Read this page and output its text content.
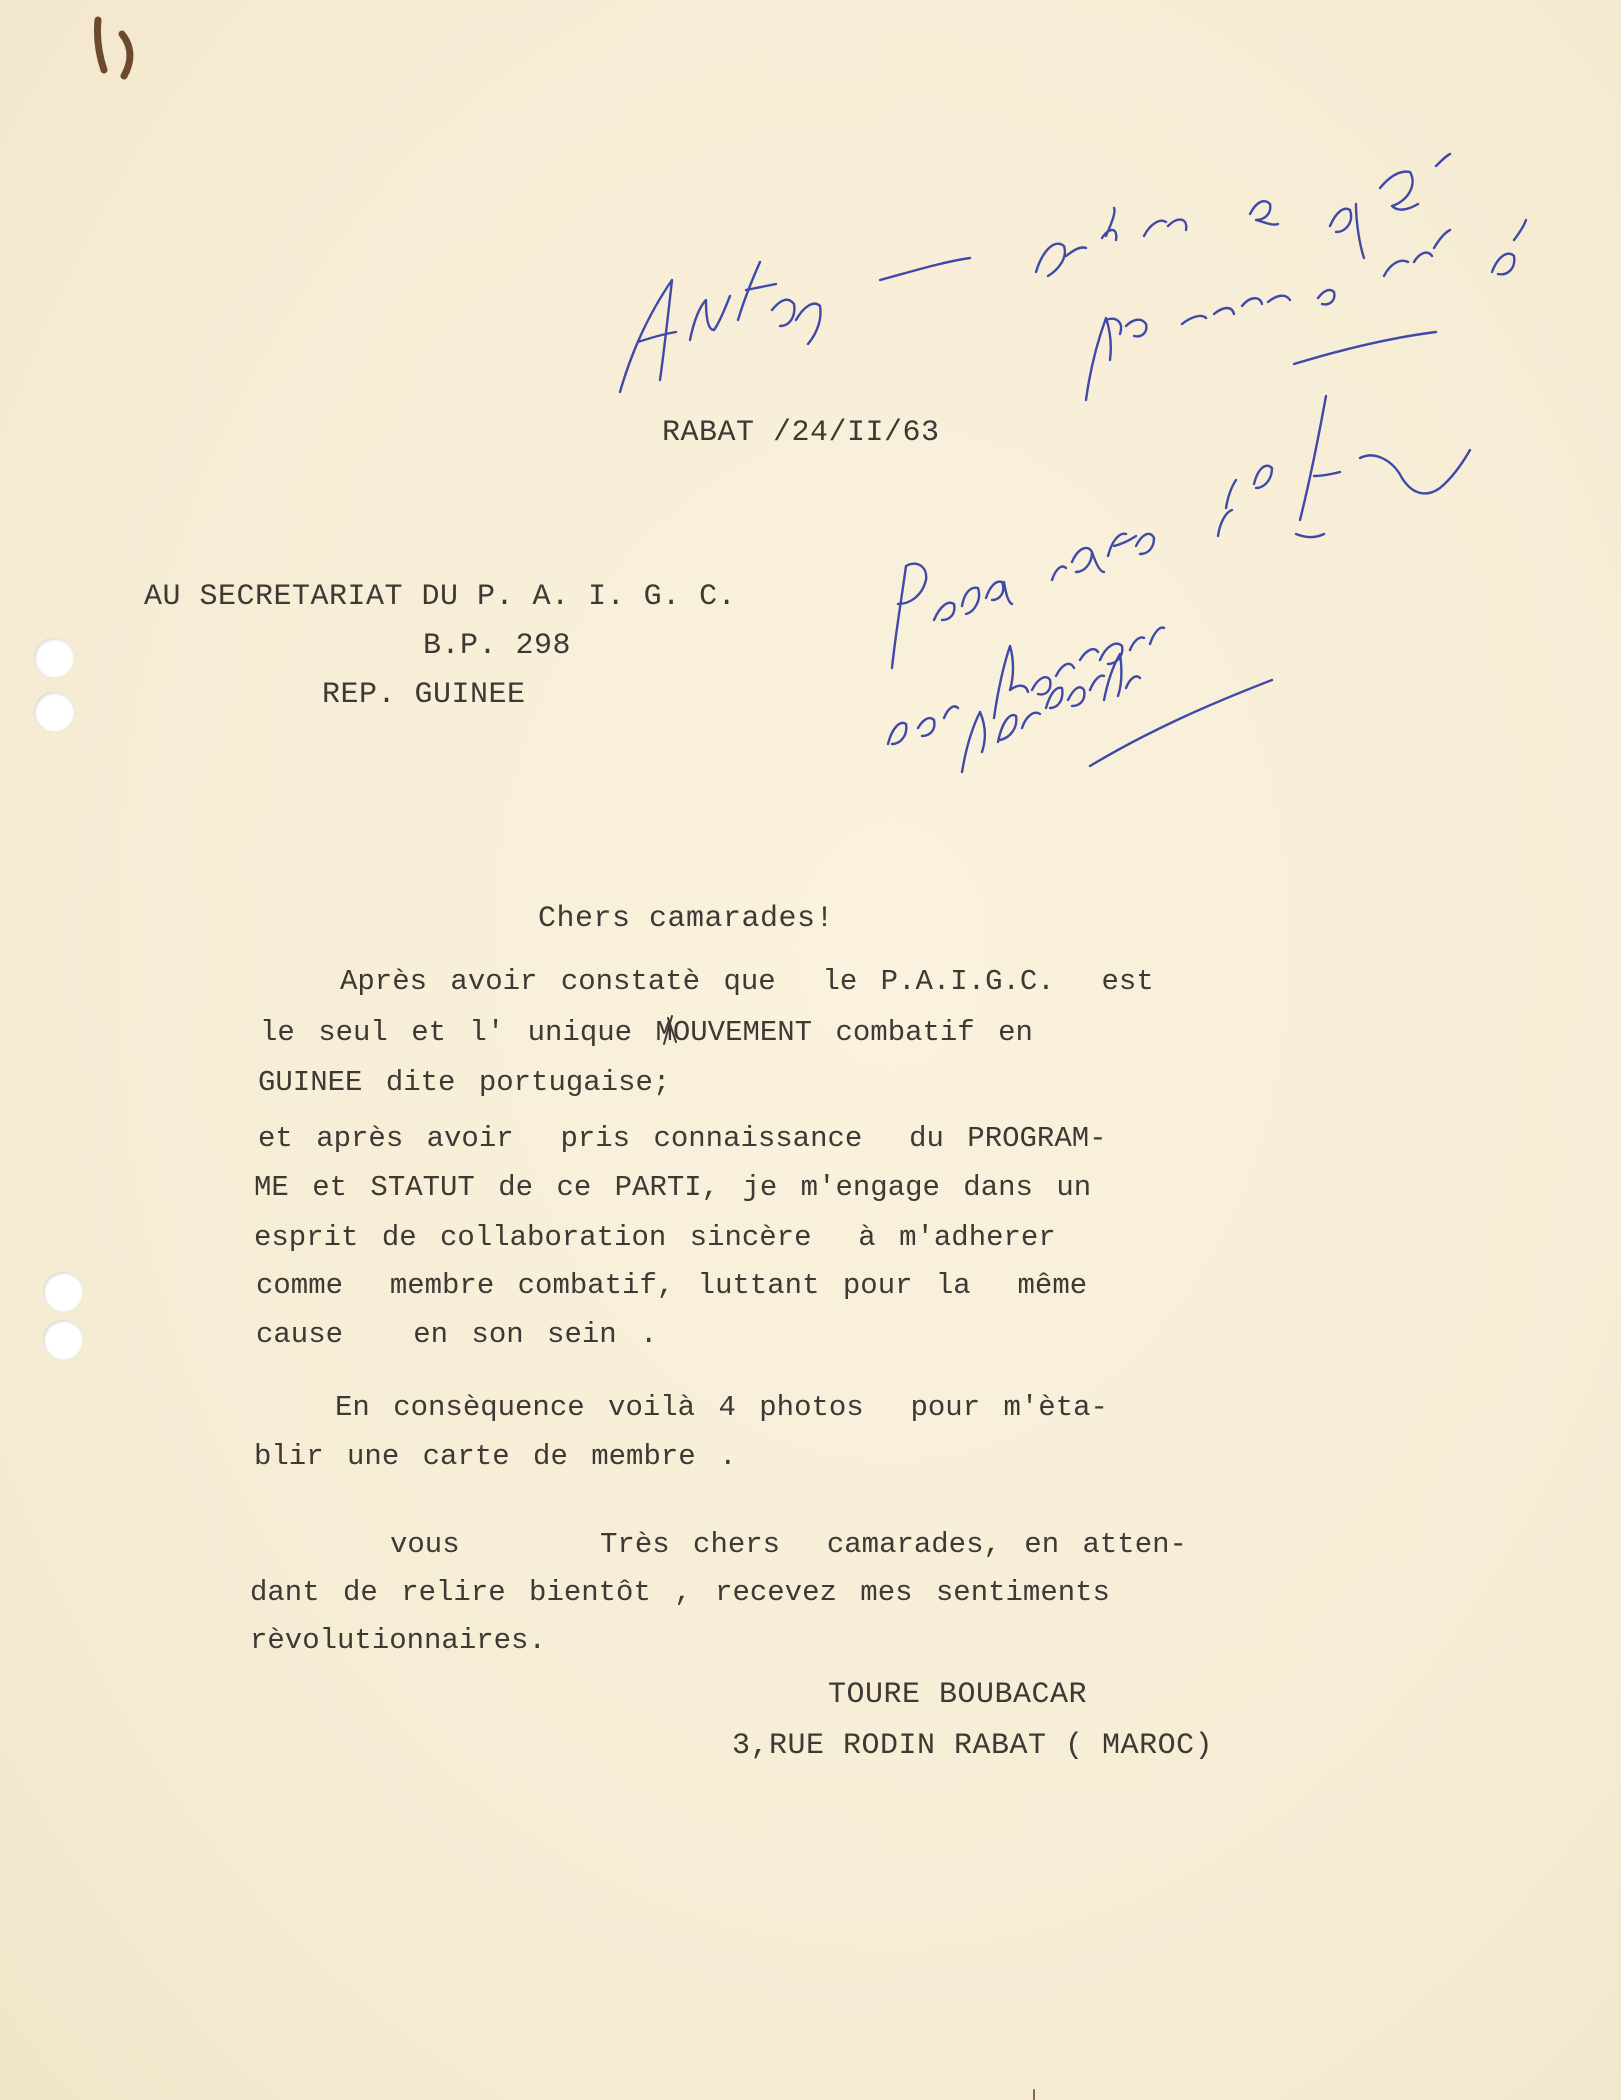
RABAT /24/II/63
AU SECRETARIAT DU P. A. I. G. C.
B.P. 298
REP. GUINEE
Chers camarades!
Après avoir constatè que  le P.A.I.G.C.  est
le seul et l' unique MOUVEMENT combatif en
GUINEE dite portugaise;
et après avoir  pris connaissance  du PROGRAM-
ME et STATUT de ce PARTI, je m'engage dans un
esprit de collaboration sincère  à m'adherer
comme  membre combatif, luttant pour la  même
cause   en son sein .
En consèquence voilà 4 photos  pour m'èta-
blir une carte de membre .
vous      Très chers  camarades, en atten-
dant de relire bientôt , recevez mes sentiments
rèvolutionnaires.
TOURE BOUBACAR
3,RUE RODIN RABAT ( MAROC)
